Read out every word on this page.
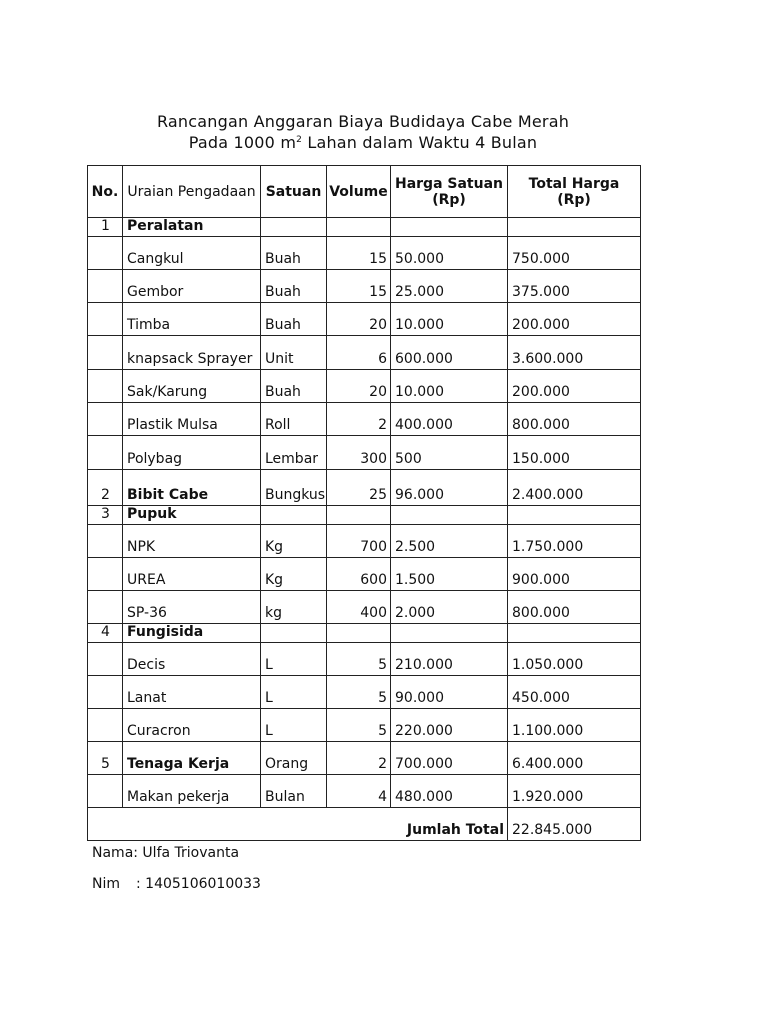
Rancangan Anggaran Biaya Budidaya Cabe Merah
Pada 1000 $m^2$ Lahan dalam Waktu 4 Bulan
No.	Uraian Pengadaan	Satuan	Volume	Harga Satuan (Rp)	Total Harga (Rp)
1	Peralatan				
	Cangkul	Buah	15	50.000	750.000
	Gembor	Buah	15	25.000	375.000
	Timba	Buah	20	10.000	200.000
	knapsack Sprayer	Unit	6	600.000	3.600.000
	Sak/Karung	Buah	20	10.000	200.000
	Plastik Mulsa	Roll	2	400.000	800.000
	Polybag	Lembar	300	500	150.000
2	Bibit Cabe	Bungkus	25	96.000	2.400.000
3	Pupuk				
	NPK	Kg	700	2.500	1.750.000
	UREA	Kg	600	1.500	900.000
	SP-36	kg	400	2.000	800.000
4	Fungisida				
	Decis	L	5	210.000	1.050.000
	Lanat	L	5	90.000	450.000
	Curacron	L	5	220.000	1.100.000
5	Tenaga Kerja	Orang	2	700.000	6.400.000
	Makan pekerja	Bulan	4	480.000	1.920.000
Jumlah Total					22.845.000
Nama: Ulfa Triovanta
Nim : 1405106010033
